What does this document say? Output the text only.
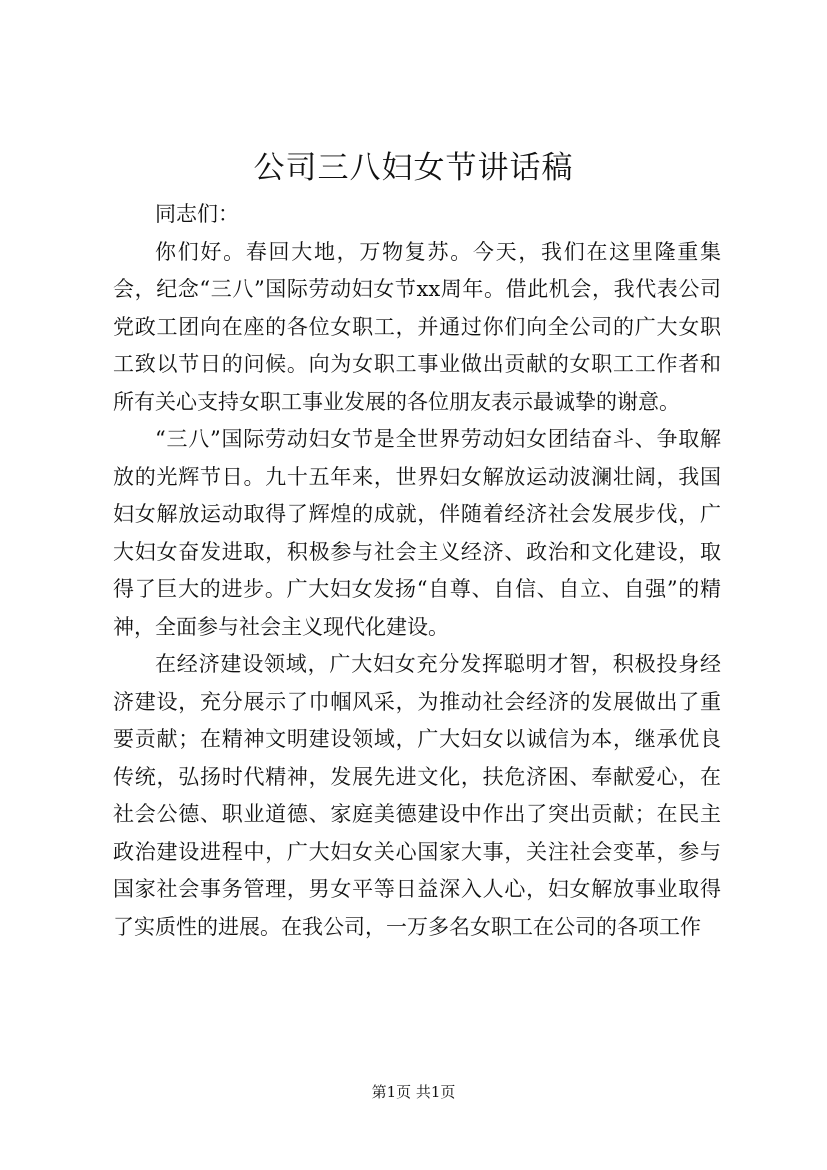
公司三八妇女节讲话稿

同志们：

你们好。春回大地，万物复苏。今天，我们在这里隆重集会，纪念“三八”国际劳动妇女节xx周年。借此机会，我代表公司党政工团向在座的各位女职工，并通过你们向全公司的广大女职工致以节日的问候。向为女职工事业做出贡献的女职工工作者和所有关心支持女职工事业发展的各位朋友表示最诚挚的谢意。

“三八”国际劳动妇女节是全世界劳动妇女团结奋斗、争取解放的光辉节日。九十五年来，世界妇女解放运动波澜壮阔，我国妇女解放运动取得了辉煌的成就，伴随着经济社会发展步伐，广大妇女奋发进取，积极参与社会主义经济、政治和文化建设，取得了巨大的进步。广大妇女发扬“自尊、自信、自立、自强”的精神，全面参与社会主义现代化建设。

在经济建设领域，广大妇女充分发挥聪明才智，积极投身经济建设，充分展示了巾帼风采，为推动社会经济的发展做出了重要贡献；在精神文明建设领域，广大妇女以诚信为本，继承优良传统，弘扬时代精神，发展先进文化，扶危济困、奉献爱心，在社会公德、职业道德、家庭美德建设中作出了突出贡献；在民主政治建设进程中，广大妇女关心国家大事，关注社会变革，参与国家社会事务管理，男女平等日益深入人心，妇女解放事业取得了实质性的进展。在我公司，一万多名女职工在公司的各项工作

第1页 共1页
